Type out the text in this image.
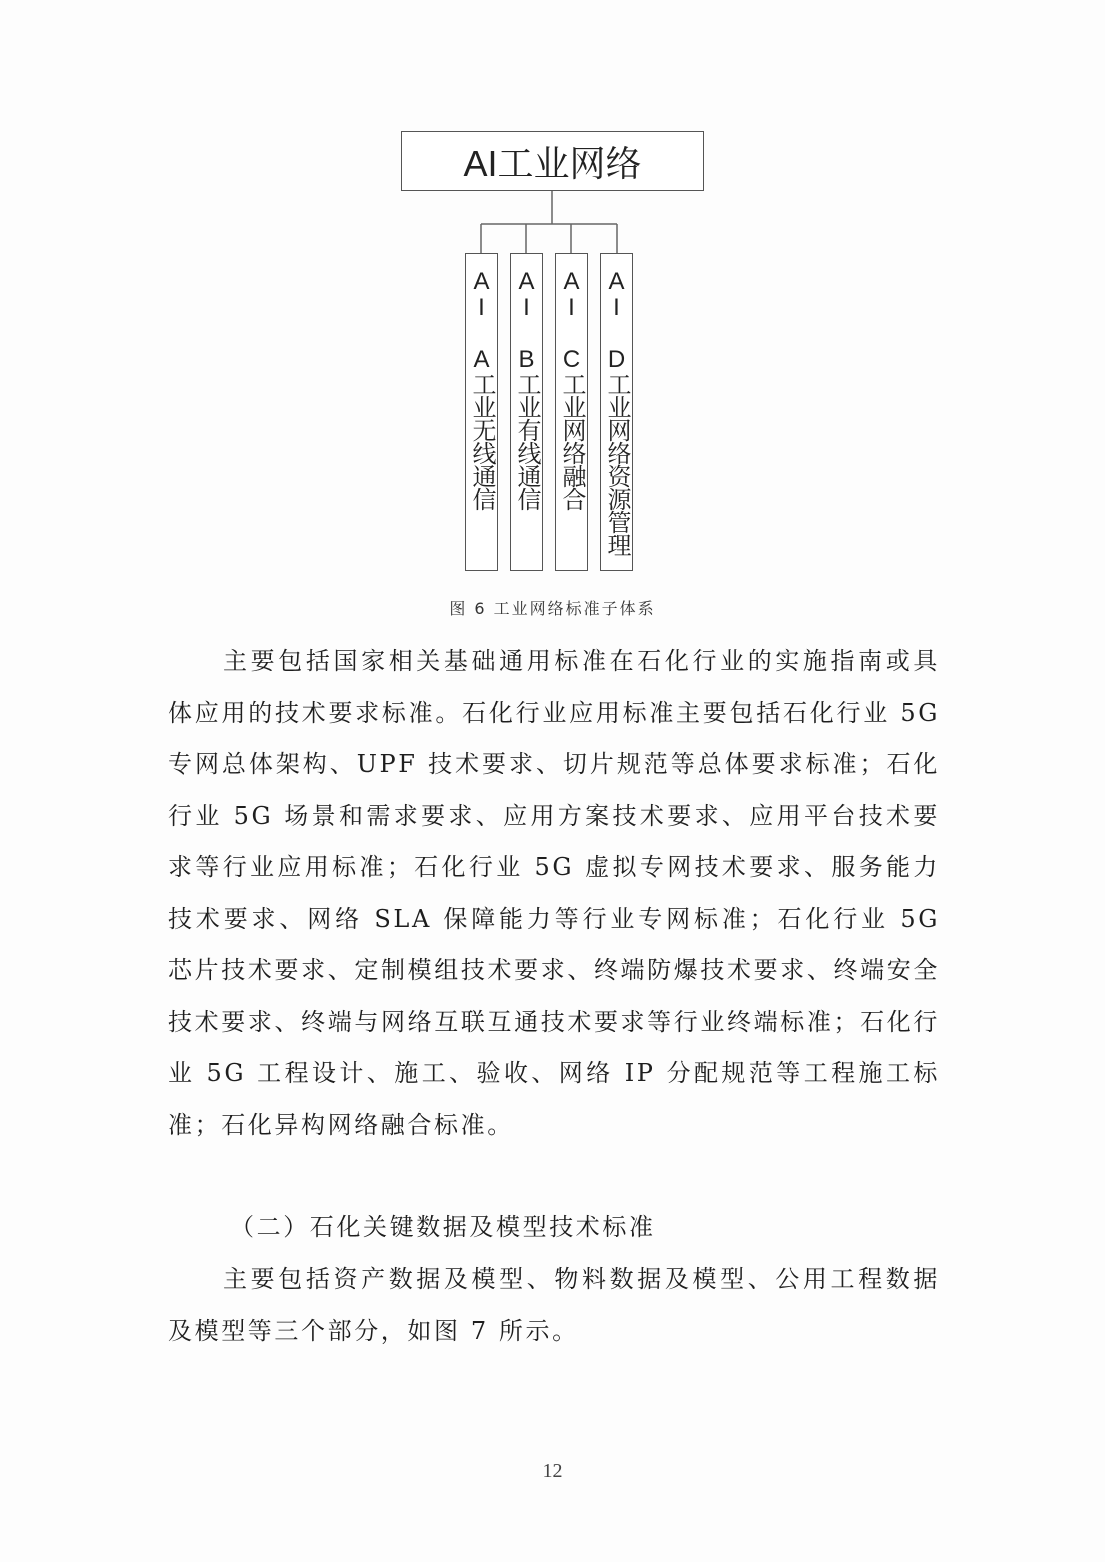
AI工业网络
AI A工业无线通信 AI B工业有线通信 AI C工业网络融合 AI D工业网络资源管理
图 6 工业网络标准子体系

主要包括国家相关基础通用标准在石化行业的实施指南或具体应用的技术要求标准。石化行业应用标准主要包括石化行业 5G 专网总体架构、UPF 技术要求、切片规范等总体要求标准；石化行业 5G 场景和需求要求、应用方案技术要求、应用平台技术要求等行业应用标准；石化行业 5G 虚拟专网技术要求、服务能力技术要求、网络 SLA 保障能力等行业专网标准；石化行业 5G 芯片技术要求、定制模组技术要求、终端防爆技术要求、终端安全技术要求、终端与网络互联互通技术要求等行业终端标准；石化行业 5G 工程设计、施工、验收、网络 IP 分配规范等工程施工标准；石化异构网络融合标准。

（二）石化关键数据及模型技术标准

主要包括资产数据及模型、物料数据及模型、公用工程数据及模型等三个部分，如图 7 所示。

12
